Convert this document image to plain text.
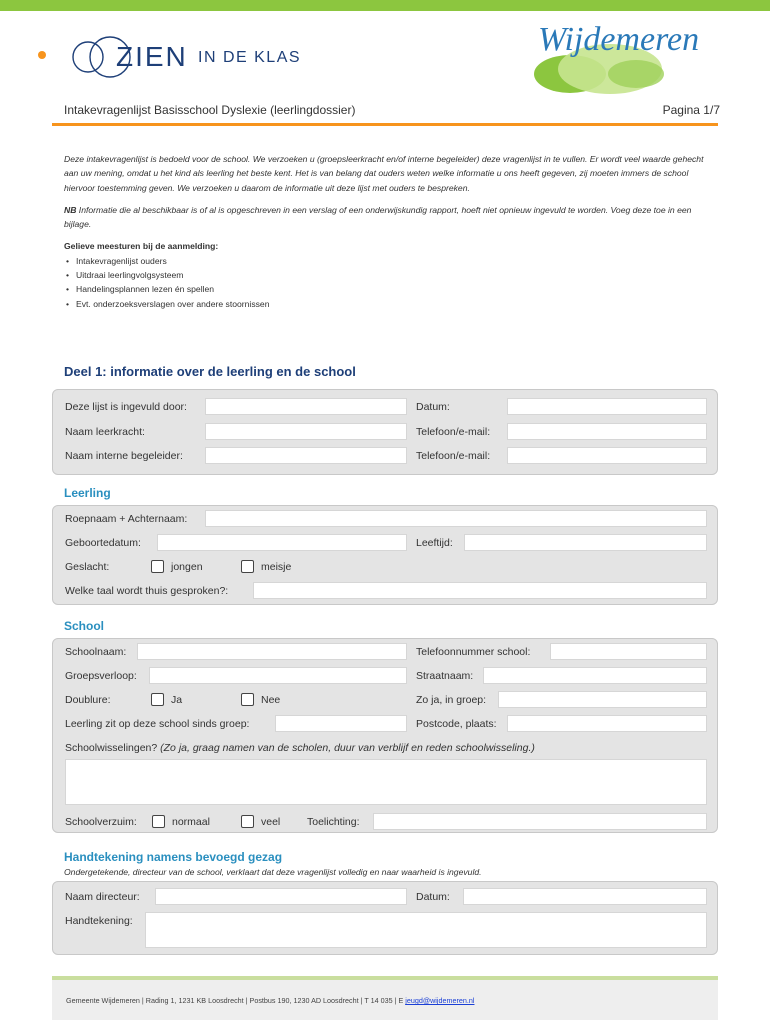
ZIEN IN DE KLAS	Wijdemeren
Intakevragenlijst Basisschool Dyslexie (leerlingdossier)	Pagina 1/7

Deze intakevragenlijst is bedoeld voor de school. We verzoeken u (groepsleerkracht en/of interne begeleider) deze vragenlijst in te vullen. Er wordt veel waarde gehecht aan uw mening, omdat u het kind als leerling het beste kent. Het is van belang dat ouders weten welke informatie u ons heeft gegeven, zij moeten immers de school hiervoor toestemming geven. We verzoeken u daarom de informatie uit deze lijst met ouders te bespreken.

NB Informatie die al beschikbaar is of al is opgeschreven in een verslag of een onderwijskundig rapport, hoeft niet opnieuw ingevuld te worden. Voeg deze toe in een bijlage.

Gelieve meesturen bij de aanmelding:
• Intakevragenlijst ouders
• Uitdraai leerlingvolgsysteem
• Handelingsplannen lezen én spellen
• Evt. onderzoeksverslagen over andere stoornissen
Deel 1: informatie over de leerling en de school
Deze lijst is ingevuld door:	Datum:
Naam leerkracht:	Telefoon/e-mail:
Naam interne begeleider:	Telefoon/e-mail:
Leerling
Roepnaam + Achternaam:
Geboortedatum:	Leeftijd:
Geslacht:	jongen	meisje
Welke taal wordt thuis gesproken?:
School
Schoolnaam:	Telefoonnummer school:
Groepsverloop:	Straatnaam:
Doublure:	Ja	Nee	Zo ja, in groep:
Leerling zit op deze school sinds groep:	Postcode, plaats:
Schoolwisselingen? (Zo ja, graag namen van de scholen, duur van verblijf en reden schoolwisseling.)
Schoolverzuim:	normaal	veel	Toelichting:
Handtekening namens bevoegd gezag
Ondergetekende, directeur van de school, verklaart dat deze vragenlijst volledig en naar waarheid is ingevuld.
Naam directeur:	Datum:
Handtekening:
Gemeente Wijdemeren | Rading 1, 1231 KB Loosdrecht | Postbus 190, 1230 AD Loosdrecht | T 14 035 | E jeugd@wijdemeren.nl
